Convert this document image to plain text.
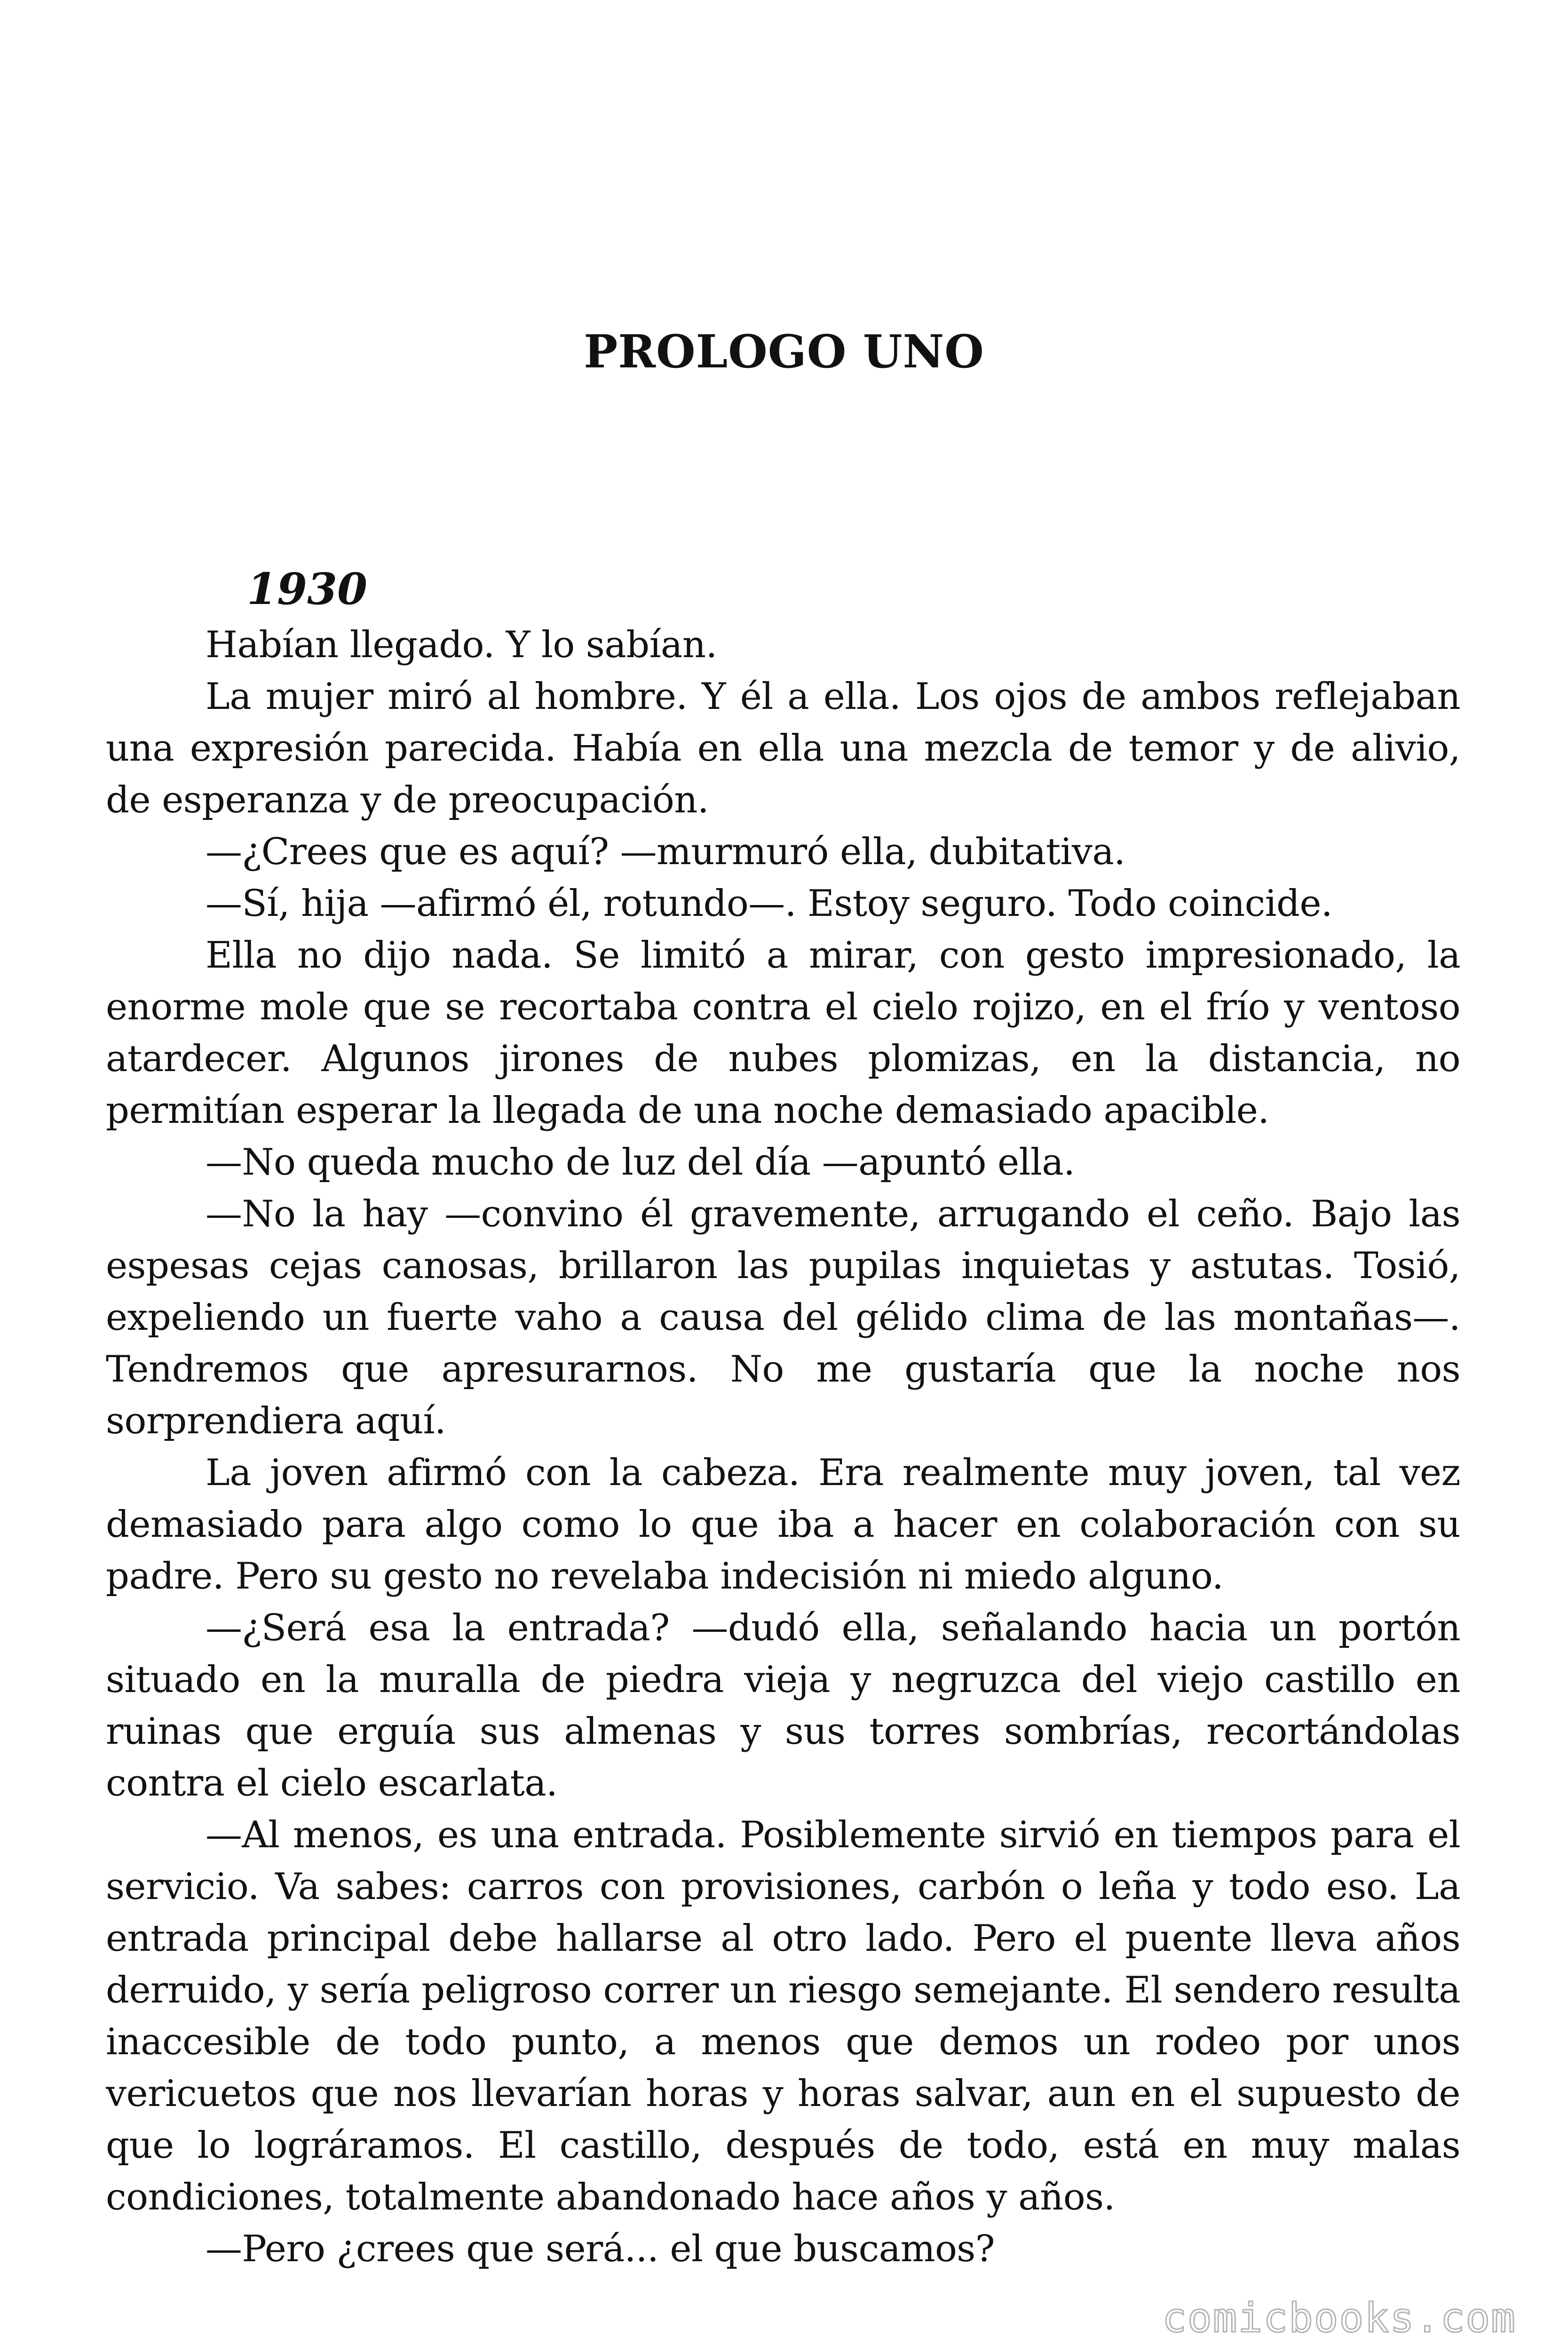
PROLOGO UNO
1930

Habían llegado. Y lo sabían.

La mujer miró al hombre. Y él a ella. Los ojos de ambos reflejaban una expresión parecida. Había en ella una mezcla de temor y de alivio, de esperanza y de preocupación.

—¿Crees que es aquí? —murmuró ella, dubitativa.

—Sí, hija —afirmó él, rotundo—. Estoy seguro. Todo coincide.

Ella no dijo nada. Se limitó a mirar, con gesto impresionado, la enorme mole que se recortaba contra el cielo rojizo, en el frío y ventoso atardecer. Algunos jirones de nubes plomizas, en la distancia, no permitían esperar la llegada de una noche demasiado apacible.

—No queda mucho de luz del día —apuntó ella.

—No la hay —convino él gravemente, arrugando el ceño. Bajo las espesas cejas canosas, brillaron las pupilas inquietas y astutas. Tosió, expeliendo un fuerte vaho a causa del gélido clima de las montañas—. Tendremos que apresurarnos. No me gustaría que la noche nos sorprendiera aquí.

La joven afirmó con la cabeza. Era realmente muy joven, tal vez demasiado para algo como lo que iba a hacer en colaboración con su padre. Pero su gesto no revelaba indecisión ni miedo alguno.

—¿Será esa la entrada? —dudó ella, señalando hacia un portón situado en la muralla de piedra vieja y negruzca del viejo castillo en ruinas que erguía sus almenas y sus torres sombrías, recortándolas contra el cielo escarlata.

—Al menos, es una entrada. Posiblemente sirvió en tiempos para el servicio. Va sabes: carros con provisiones, carbón o leña y todo eso. La entrada principal debe hallarse al otro lado. Pero el puente lleva años derruido, y sería peligroso correr un riesgo semejante. El sendero resulta inaccesible de todo punto, a menos que demos un rodeo por unos vericuetos que nos llevarían horas y horas salvar, aun en el supuesto de que lo lográramos. El castillo, después de todo, está en muy malas condiciones, totalmente abandonado hace años y años.

—Pero ¿crees que será... el que buscamos?

comicbooks.com
